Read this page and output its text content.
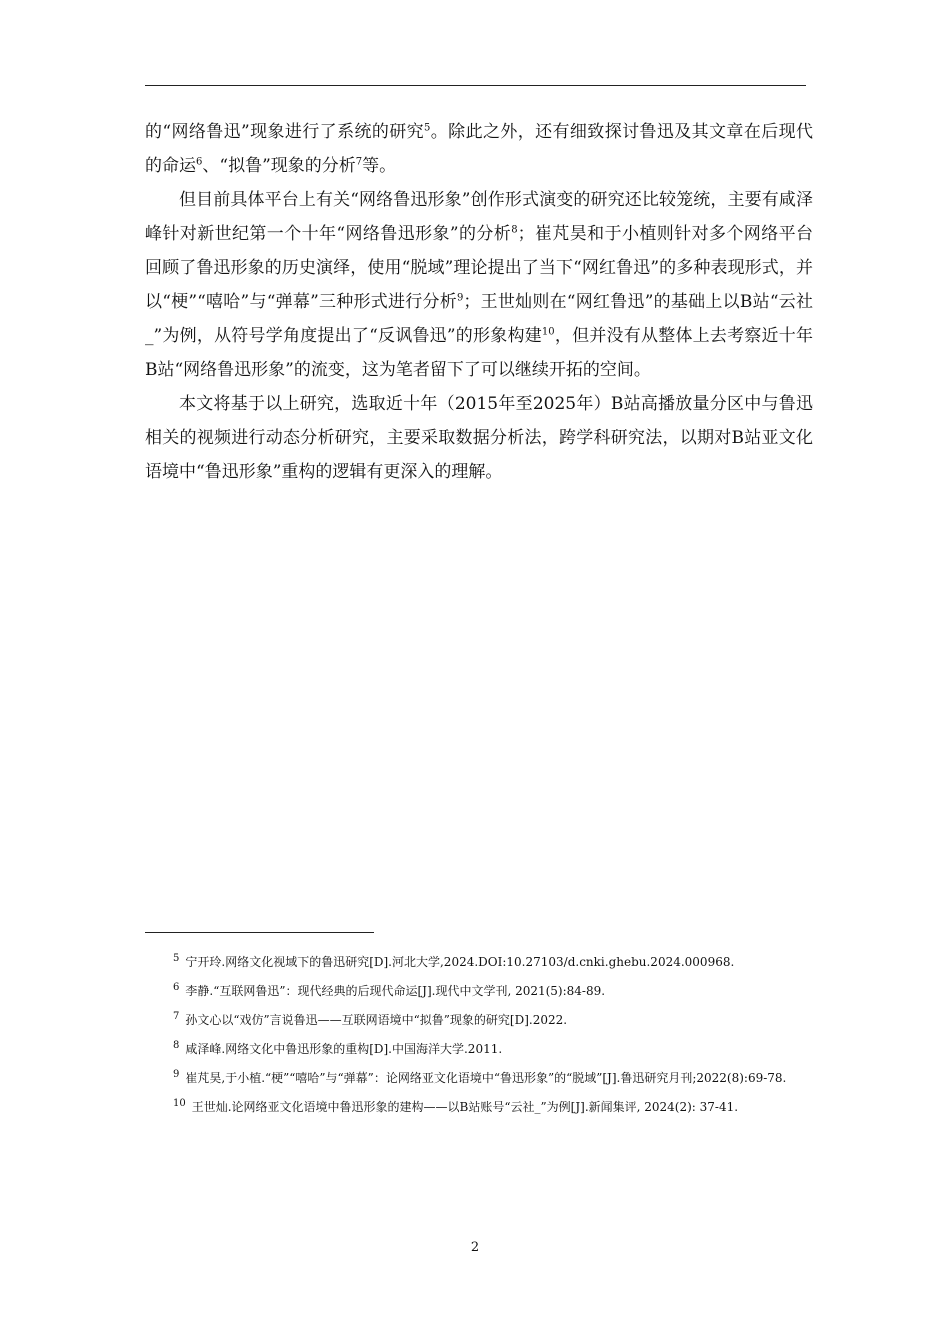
的“网络鲁迅”现象进行了系统的研究$^5$。除此之外，还有细致探讨鲁迅及其文章在后现代的命运$^6$、“拟鲁”现象的分析$^7$等。

但目前具体平台上有关“网络鲁迅形象”创作形式演变的研究还比较笼统，主要有咸泽峰针对新世纪第一个十年“网络鲁迅形象”的分析$^8$；崔芃昊和于小植则针对多个网络平台回顾了鲁迅形象的历史演绎，使用“脱域”理论提出了当下“网红鲁迅”的多种表现形式，并以“梗”“嘻哈”与“弹幕”三种形式进行分析$^9$；王世灿则在“网红鲁迅”的基础上以B站“云社_”为例，从符号学角度提出了“反讽鲁迅”的形象构建$^{10}$，但并没有从整体上去考察近十年B站“网络鲁迅形象”的流变，这为笔者留下了可以继续开拓的空间。

本文将基于以上研究，选取近十年（2015年至2025年）B站高播放量分区中与鲁迅相关的视频进行动态分析研究，主要采取数据分析法，跨学科研究法，以期对B站亚文化语境中“鲁迅形象”重构的逻辑有更深入的理解。

$^5$ 宁开玲.网络文化视域下的鲁迅研究[D].河北大学,2024.DOI:10.27103/d.cnki.ghebu.2024.000968.

$^6$ 李静.“互联网鲁迅”：现代经典的后现代命运[J].现代中文学刊, 2021(5):84-89.

$^7$ 孙文心以“戏仿”言说鲁迅——互联网语境中“拟鲁”现象的研究[D].2022.

$^8$ 咸泽峰.网络文化中鲁迅形象的重构[D].中国海洋大学.2011.

$^9$ 崔芃昊,于小植.“梗”“嘻哈”与“弹幕”：论网络亚文化语境中“鲁迅形象”的“脱域”[J].鲁迅研究月刊;2022(8):69-78.

$^{10}$ 王世灿.论网络亚文化语境中鲁迅形象的建构——以B站账号“云社_”为例[J].新闻集评, 2024(2): 37-41.

2
